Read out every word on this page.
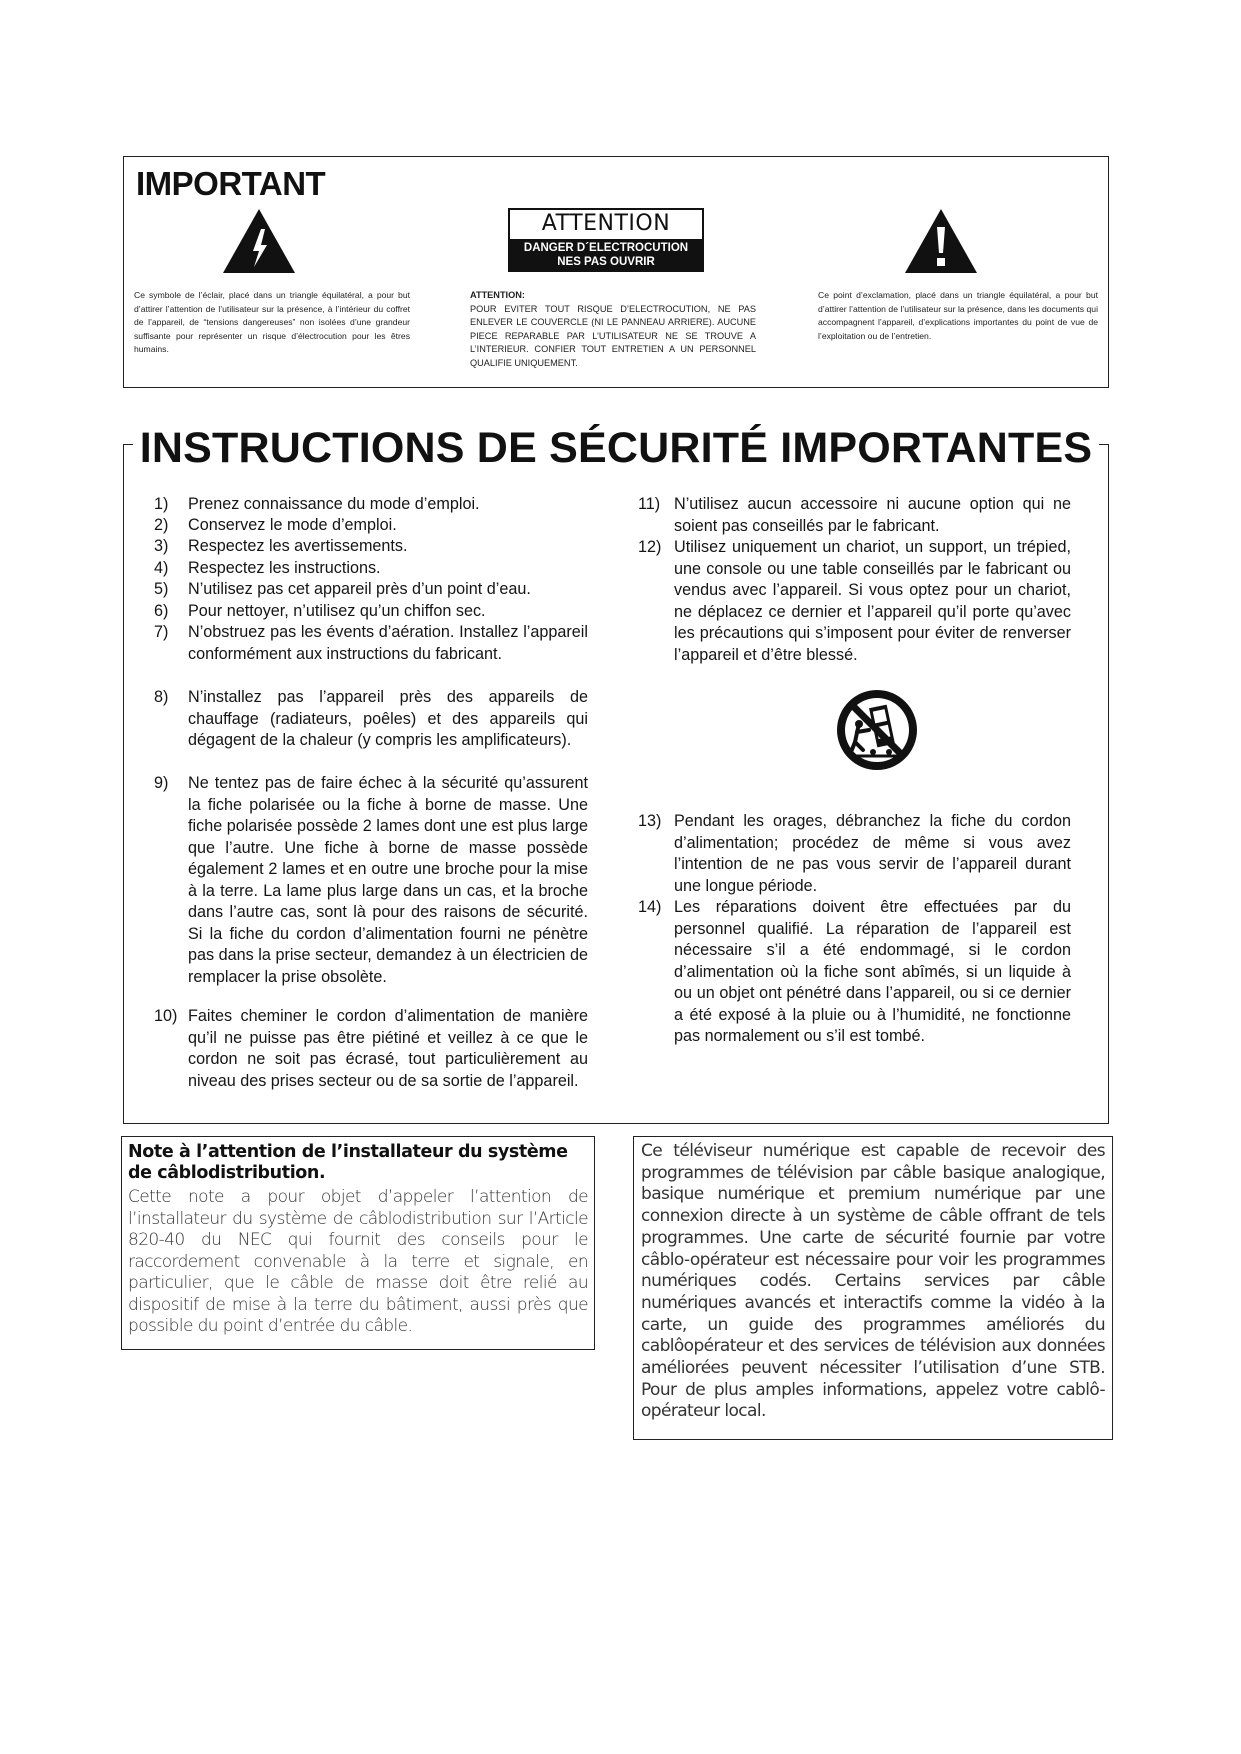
IMPORTANT
Ce symbole de l’éclair, placé dans un triangle équilatéral, a pour but d’attirer l’attention de l’utilisateur sur la présence, à l’intérieur du coffret de l’appareil, de “tensions dangereuses” non isolées d’une grandeur suffisante pour représenter un risque d’électrocution pour les êtres humains.
ATTENTION
DANGER D´ELECTROCUTION
NES PAS OUVRIR
ATTENTION:
POUR EVITER TOUT RISQUE D’ELECTROCUTION, NE PAS ENLEVER LE COUVERCLE (NI LE PANNEAU ARRIERE). AUCUNE PIECE REPARABLE PAR L’UTILISATEUR NE SE TROUVE A L’INTERIEUR. CONFIER TOUT ENTRETIEN A UN PERSONNEL QUALIFIE UNIQUEMENT.
Ce point d’exclamation, placé dans un triangle équilatéral, a pour but d’attirer l’attention de l’utilisateur sur la présence, dans les documents qui accompagnent l’appareil, d’explications importantes du point de vue de l’exploitation ou de l’entretien.
INSTRUCTIONS DE SÉCURITÉ IMPORTANTES
1) Prenez connaissance du mode d’emploi.
2) Conservez le mode d’emploi.
3) Respectez les avertissements.
4) Respectez les instructions.
5) N’utilisez pas cet appareil près d’un point d’eau.
6) Pour nettoyer, n’utilisez qu’un chiffon sec.
7) N’obstruez pas les évents d’aération. Installez l’appareil conformément aux instructions du fabricant.
8) N’installez pas l’appareil près des appareils de chauffage (radiateurs, poêles) et des appareils qui dégagent de la chaleur (y compris les amplificateurs).
9) Ne tentez pas de faire échec à la sécurité qu’assurent la fiche polarisée ou la fiche à borne de masse. Une fiche polarisée possède 2 lames dont une est plus large que l’autre. Une fiche à borne de masse possède également 2 lames et en outre une broche pour la mise à la terre. La lame plus large dans un cas, et la broche dans l’autre cas, sont là pour des raisons de sécurité. Si la fiche du cordon d’alimentation fourni ne pénètre pas dans la prise secteur, demandez à un électricien de remplacer la prise obsolète.
10) Faites cheminer le cordon d’alimentation de manière qu’il ne puisse pas être piétiné et veillez à ce que le cordon ne soit pas écrasé, tout particulièrement au niveau des prises secteur ou de sa sortie de l’appareil.
11) N’utilisez aucun accessoire ni aucune option qui ne soient pas conseillés par le fabricant.
12) Utilisez uniquement un chariot, un support, un trépied, une console ou une table conseillés par le fabricant ou vendus avec l’appareil. Si vous optez pour un chariot, ne déplacez ce dernier et l’appareil qu’il porte qu’avec les précautions qui s’imposent pour éviter de renverser l’appareil et d’être blessé.
13) Pendant les orages, débranchez la fiche du cordon d’alimentation; procédez de même si vous avez l’intention de ne pas vous servir de l’appareil durant une longue période.
14) Les réparations doivent être effectuées par du personnel qualifié. La réparation de l’appareil est nécessaire s’il a été endommagé, si le cordon d’alimentation où la fiche sont abîmés, si un liquide à ou un objet ont pénétré dans l’appareil, ou si ce dernier a été exposé à la pluie ou à l’humidité, ne fonctionne pas normalement ou s’il est tombé.
Note à l’attention de l’installateur du système de câblodistribution.
Cette note a pour objet d’appeler l’attention de l’installateur du système de câblodistribution sur l’Article 820-40 du NEC qui fournit des conseils pour le raccordement convenable à la terre et signale, en particulier, que le câble de masse doit être relié au dispositif de mise à la terre du bâtiment, aussi près que possible du point d’entrée du câble.
Ce téléviseur numérique est capable de recevoir des programmes de télévision par câble basique analogique, basique numérique et premium numérique par une connexion directe à un système de câble offrant de tels programmes. Une carte de sécurité fournie par votre câblo-opérateur est nécessaire pour voir les programmes numériques codés. Certains services par câble numériques avancés et interactifs comme la vidéo à la carte, un guide des programmes améliorés du cablôopérateur et des services de télévision aux données améliorées peuvent nécessiter l’utilisation d’une STB. Pour de plus amples informations, appelez votre cablô-opérateur local.
